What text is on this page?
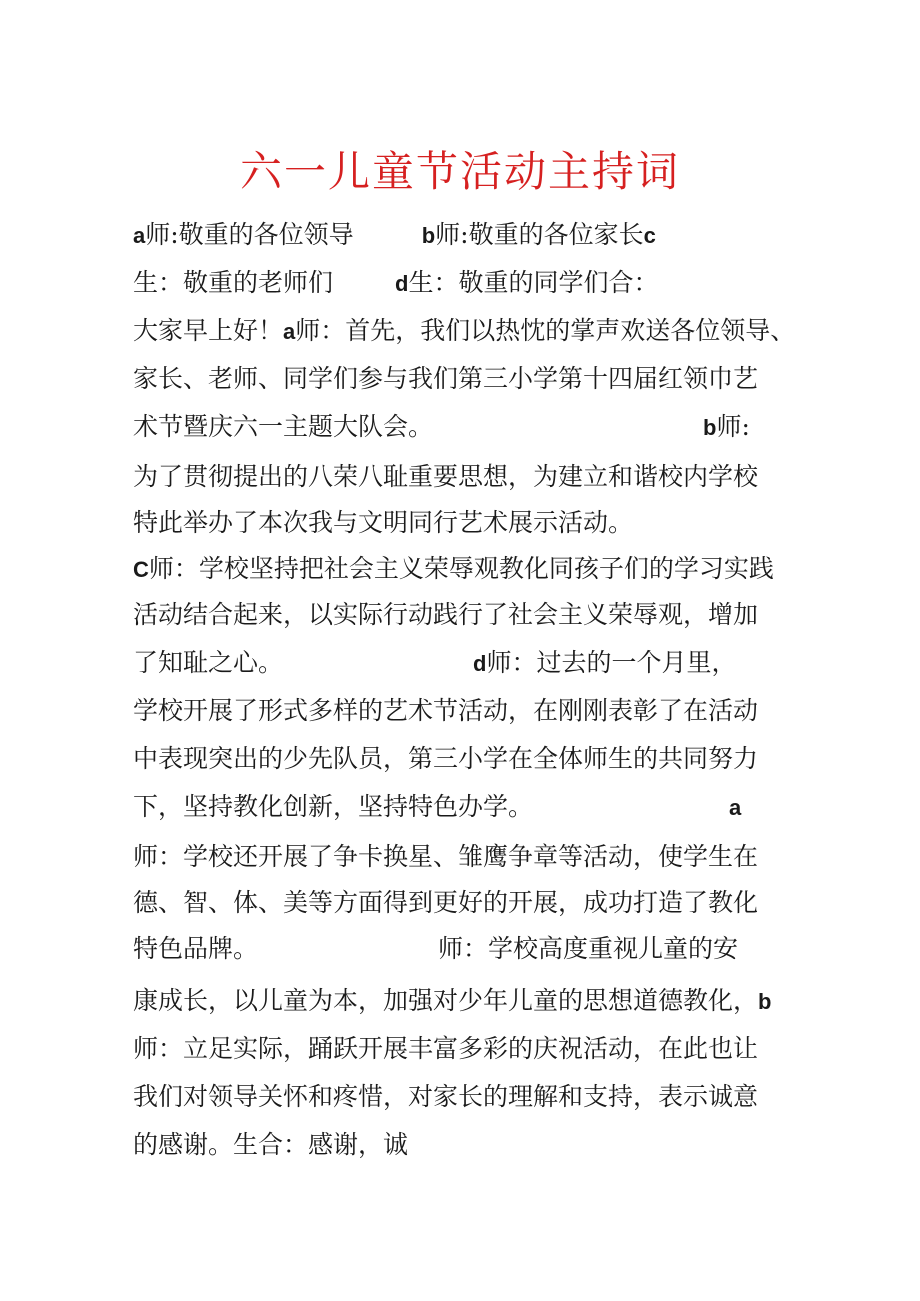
六一儿童节活动主持词
a 师:敬重的各位领导	b 师:敬重的各位家长 c
生：敬重的老师们	d 生：敬重的同学们合：
大家早上好！ a 师：首先，我们以热忱的掌声欢送各位领导、
家长、老师、同学们参与我们第三小学第十四届红领巾艺
术节暨庆六一主题大队会。	b 师:
为了贯彻提出的八荣八耻重要思想，为建立和谐校内学校
特此举办了本次我与文明同行艺术展示活动。
C 师：学校坚持把社会主义荣辱观教化同孩子们的学习实践
活动结合起来，以实际行动践行了社会主义荣辱观，增加
了知耻之心。	d 师：过去的一个月里，
学校开展了形式多样的艺术节活动，在刚刚表彰了在活动
中表现突出的少先队员，第三小学在全体师生的共同努力
下，坚持教化创新，坚持特色办学。	a
师：学校还开展了争卡换星、雏鹰争章等活动，使学生在
德、智、体、美等方面得到更好的开展，成功打造了教化
特色品牌。	师：学校高度重视儿童的安
康成长，以儿童为本，加强对少年儿童的思想道德教化， b
师：立足实际，踊跃开展丰富多彩的庆祝活动，在此也让
我们对领导关怀和疼惜，对家长的理解和支持，表示诚意
的感谢。生合：感谢，诚
